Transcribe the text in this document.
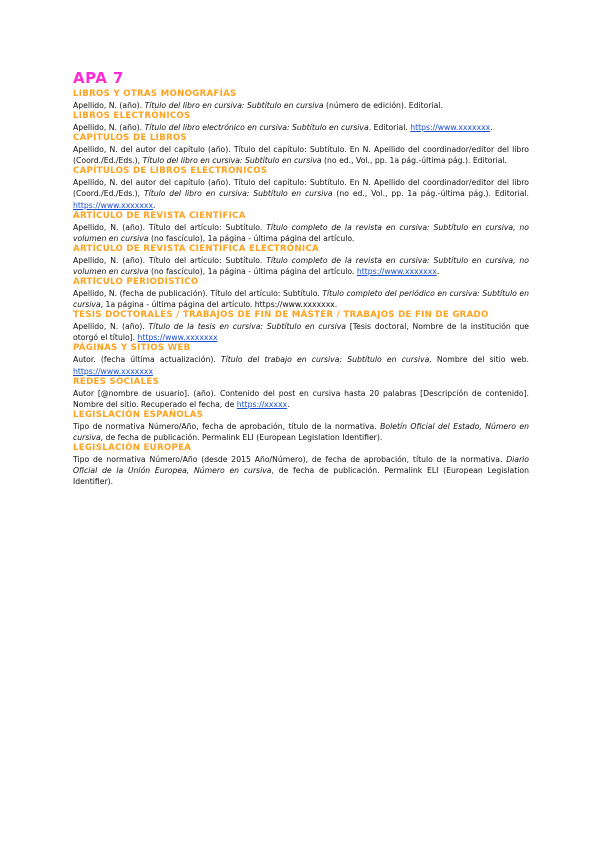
APA 7
LIBROS Y OTRAS MONOGRAFÍAS
Apellido, N. (año). Título del libro en cursiva: Subtítulo en cursiva (número de edición). Editorial.
LIBROS ELECTRÓNICOS
Apellido, N. (año). Título del libro electrónico en cursiva: Subtítulo en cursiva. Editorial. https://www.xxxxxxx.
CAPÍTULOS DE LIBROS
Apellido, N. del autor del capítulo (año). Título del capítulo: Subtítulo. En N. Apellido del coordinador/editor del libro (Coord./Ed./Eds.), Título del libro en cursiva: Subtítulo en cursiva (no ed., Vol., pp. 1a pág.-última pág.). Editorial.
CAPÍTULOS DE LIBROS ELECTRÓNICOS
Apellido, N. del autor del capítulo (año). Título del capítulo: Subtítulo. En N. Apellido del coordinador/editor del libro (Coord./Ed./Eds.), Título del libro en cursiva: Subtítulo en cursiva (no ed., Vol., pp. 1a pág.-última pág.). Editorial. https://www.xxxxxxx.
ARTÍCULO DE REVISTA CIENTÍFICA
Apellido, N. (año). Título del artículo: Subtítulo. Título completo de la revista en cursiva: Subtítulo en cursiva, no volumen en cursiva (no fascículo), 1a página - última página del artículo.
ARTÍCULO DE REVISTA CIENTÍFICA ELECTRÓNICA
Apellido, N. (año). Título del artículo: Subtítulo. Título completo de la revista en cursiva: Subtítulo en cursiva, no volumen en cursiva (no fascículo), 1a página - última página del artículo. https://www.xxxxxxx.
ARTÍCULO PERIODÍSTICO
Apellido, N. (fecha de publicación). Título del artículo: Subtítulo. Título completo del periódico en cursiva: Subtítulo en cursiva, 1a página - última página del artículo. https://www.xxxxxxx.
TESIS DOCTORALES / TRABAJOS DE FIN DE MÁSTER / TRABAJOS DE FIN DE GRADO
Apellido, N. (año). Título de la tesis en cursiva: Subtítulo en cursiva [Tesis doctoral, Nombre de la institución que otorgó el título]. https://www.xxxxxxx
PÁGINAS Y SITIOS WEB
Autor. (fecha última actualización). Título del trabajo en cursiva: Subtítulo en cursiva. Nombre del sitio web. https://www.xxxxxxx
REDES SOCIALES
Autor [@nombre de usuario]. (año). Contenido del post en cursiva hasta 20 palabras [Descripción de contenido]. Nombre del sitio. Recuperado el fecha, de https://xxxxx.
LEGISLACIÓN ESPAÑOLAS
Tipo de normativa Número/Año, fecha de aprobación, título de la normativa. Boletín Oficial del Estado, Número en cursiva, de fecha de publicación. Permalink ELI (European Legislation Identifier).
LEGISLACIÓN EUROPEA
Tipo de normativa Número/Año (desde 2015 Año/Número), de fecha de aprobación, título de la normativa. Diario Oficial de la Unión Europea, Número en cursiva, de fecha de publicación. Permalink ELI (European Legislation Identifier).
